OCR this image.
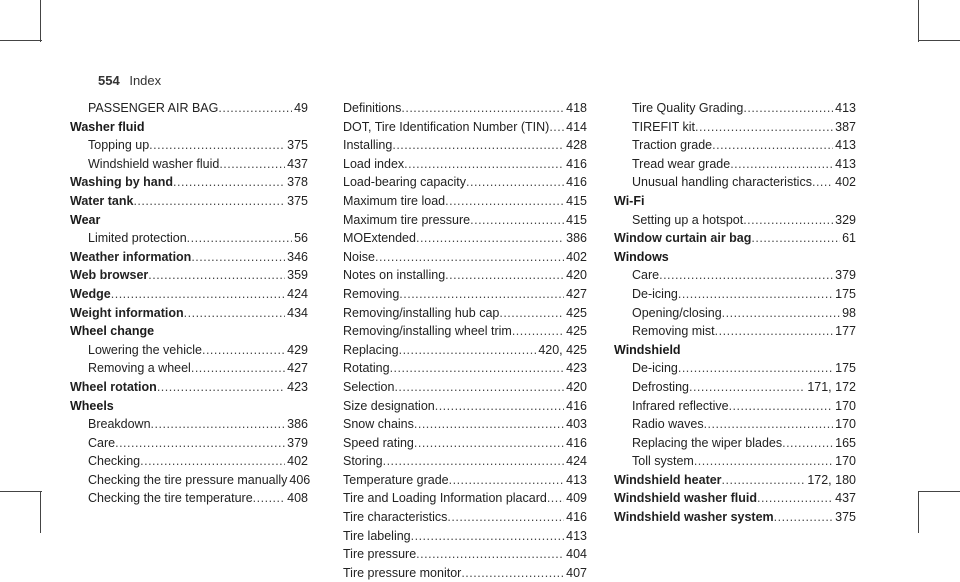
554 Index
PASSENGER AIR BAG .....	49
Washer fluid
Topping up .....	375
Windshield washer fluid .....	437
Washing by hand .....	378
Water tank .....	375
Wear
Limited protection .....	56
Weather information .....	346
Web browser .....	359
Wedge .....	424
Weight information .....	434
Wheel change
Lowering the vehicle .....	429
Removing a wheel .....	427
Wheel rotation .....	423
Wheels
Breakdown .....	386
Care .....	379
Checking .....	402
Checking the tire pressure manually 406
Checking the tire temperature .....	408
Definitions .....	418
DOT, Tire Identification Number (TIN) ..... 414
Installing .....	428
Load index .....	416
Load-bearing capacity .....	416
Maximum tire load .....	415
Maximum tire pressure .....	415
MOExtended .....	386
Noise .....	402
Notes on installing .....	420
Removing .....	427
Removing/installing hub cap .....	425
Removing/installing wheel trim .....	425
Replacing .....	420, 425
Rotating .....	423
Selection .....	420
Size designation .....	416
Snow chains .....	403
Speed rating .....	416
Storing .....	424
Temperature grade .....	413
Tire and Loading Information placard ..... 409
Tire characteristics .....	416
Tire labeling .....	413
Tire pressure .....	404
Tire pressure monitor .....	407
Tire Quality Grading .....	413
TIREFIT kit .....	387
Traction grade .....	413
Tread wear grade .....	413
Unusual handling characteristics ..... 402
Wi-Fi
Setting up a hotspot .....	329
Window curtain air bag .....	61
Windows
Care .....	379
De-icing .....	175
Opening/closing .....	98
Removing mist .....	177
Windshield
De-icing .....	175
Defrosting .....	171, 172
Infrared reflective .....	170
Radio waves .....	170
Replacing the wiper blades .....	165
Toll system .....	170
Windshield heater .....	172, 180
Windshield washer fluid .....	437
Windshield washer system .....	375
